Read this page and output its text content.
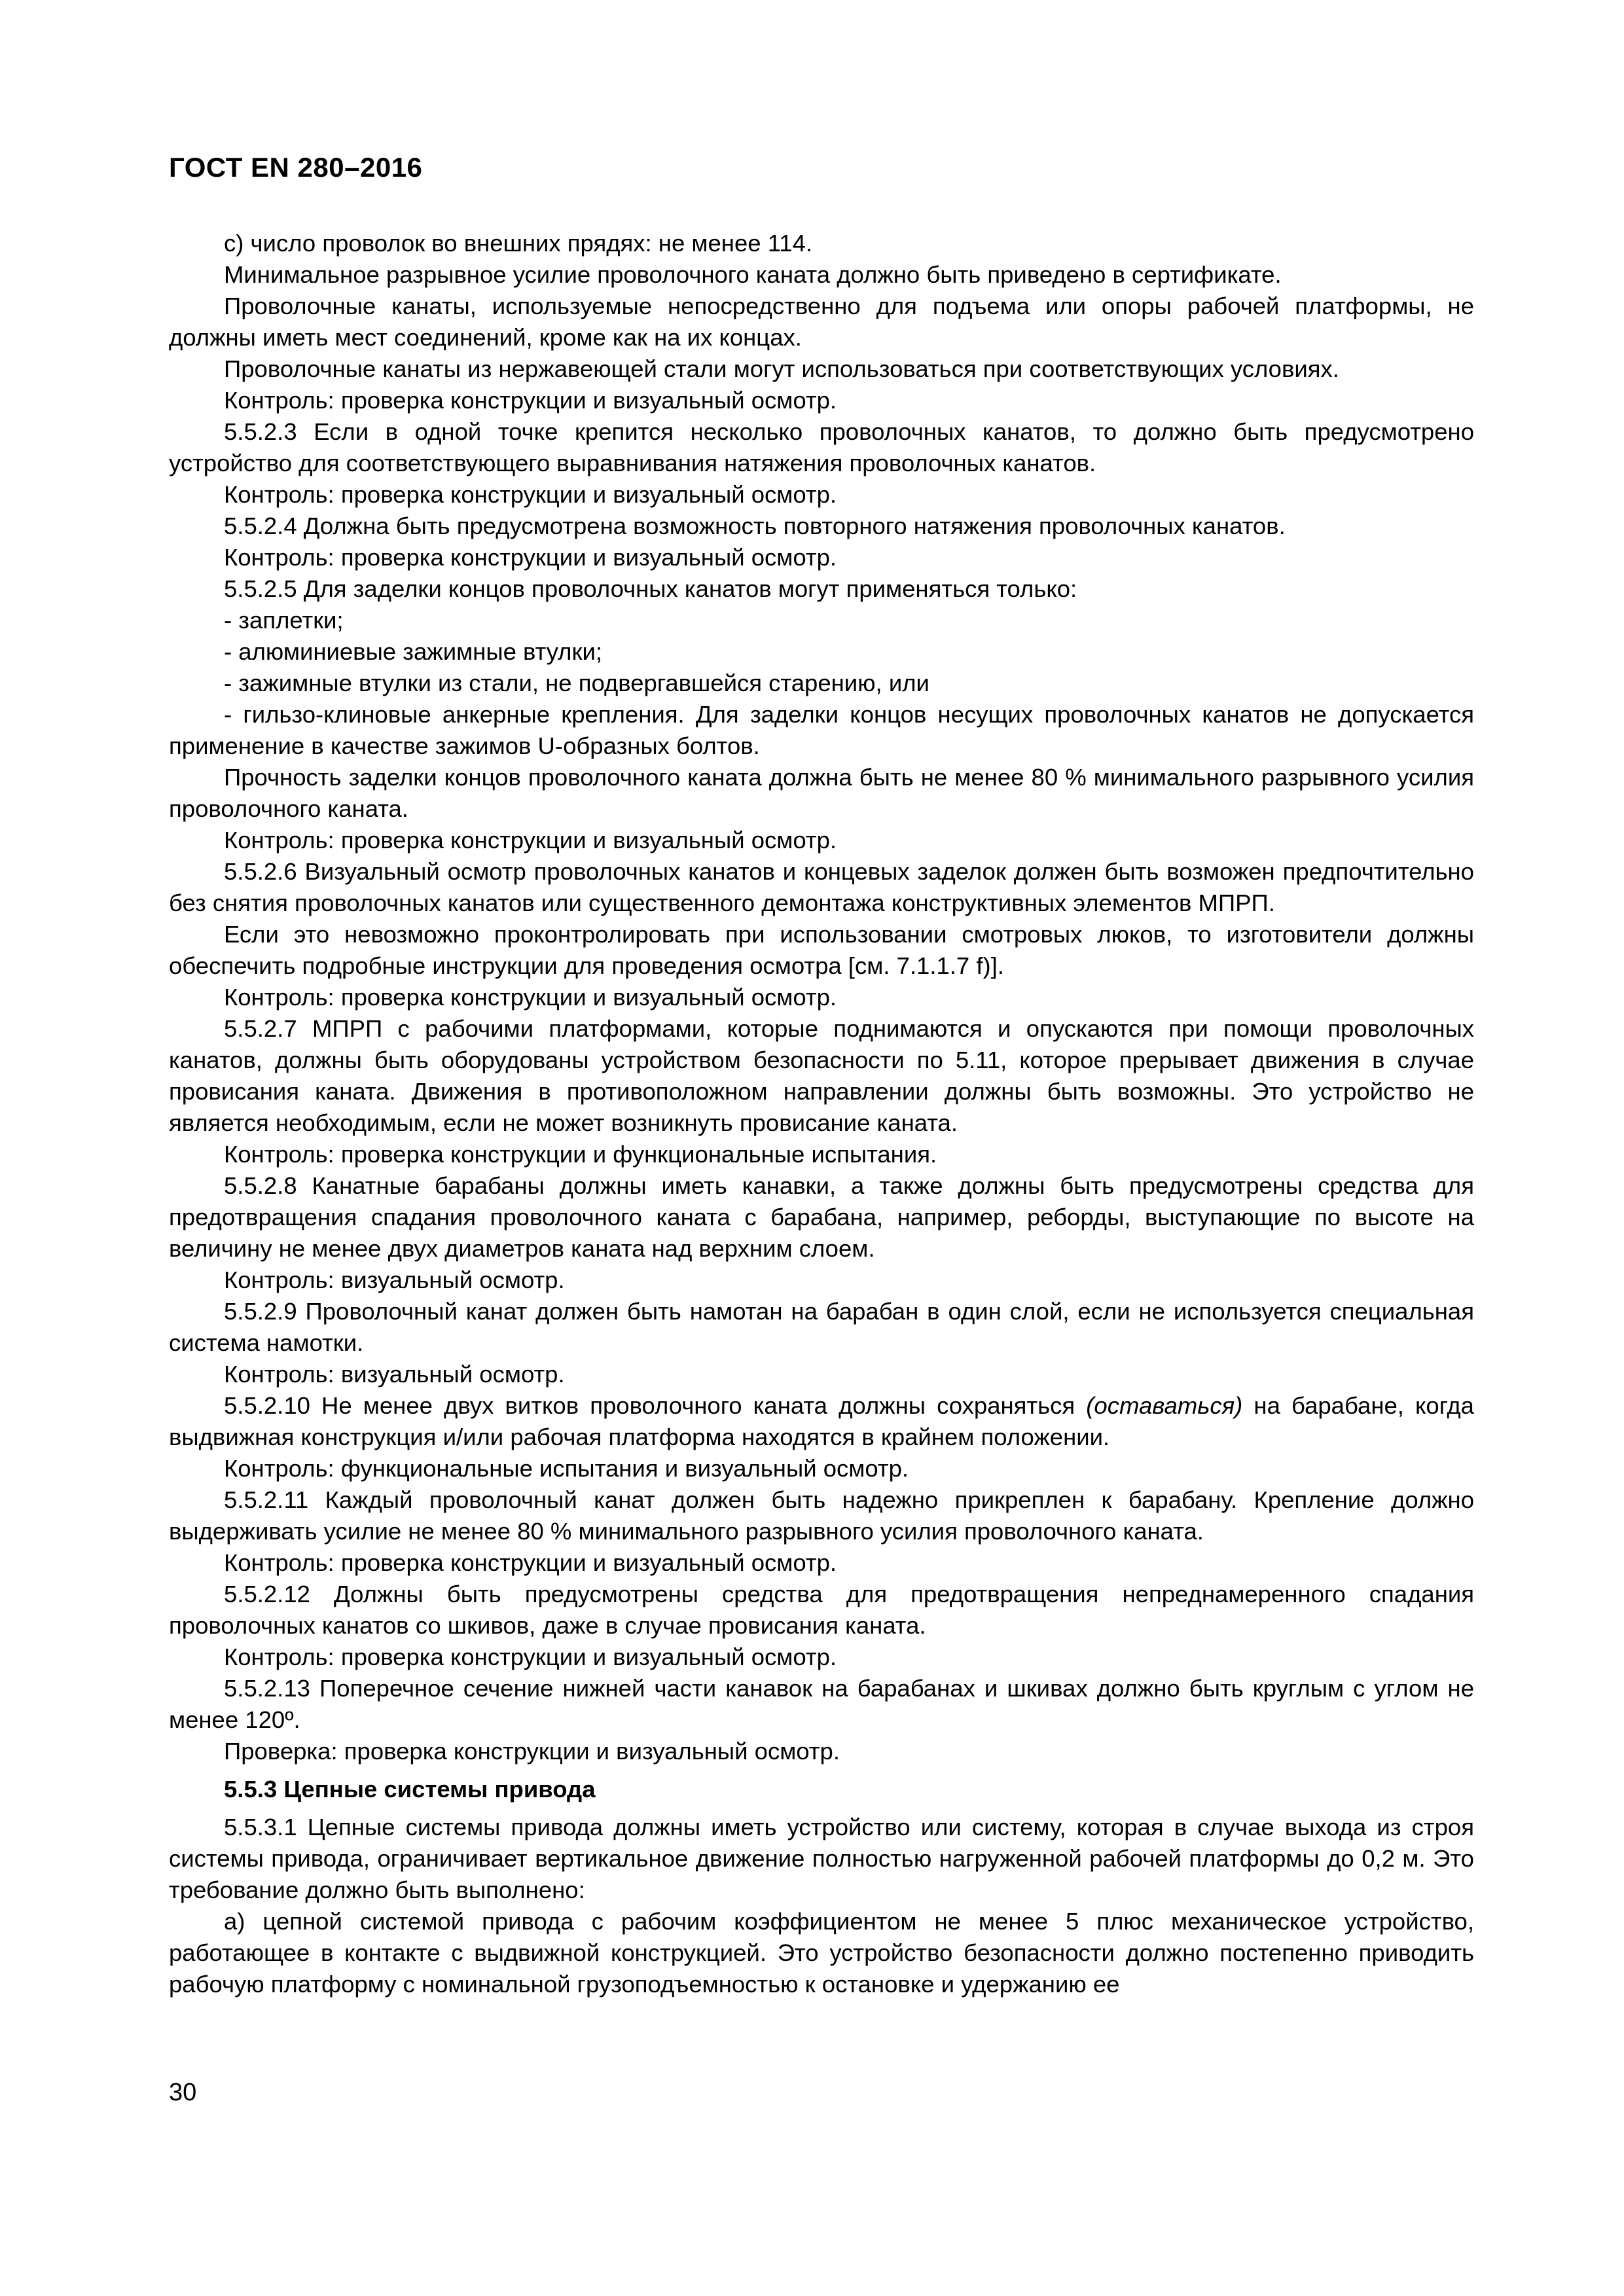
ГОСТ EN 280–2016

с) число проволок во внешних прядях: не менее 114.

Минимальное разрывное усилие проволочного каната должно быть приведено в сертификате.

Проволочные канаты, используемые непосредственно для подъема или опоры рабочей платформы, не должны иметь мест соединений, кроме как на их концах.

Проволочные канаты из нержавеющей стали могут использоваться при соответствующих условиях.

Контроль: проверка конструкции и визуальный осмотр.

5.5.2.3 Если в одной точке крепится несколько проволочных канатов, то должно быть предусмотрено устройство для соответствующего выравнивания натяжения проволочных канатов.

Контроль: проверка конструкции и визуальный осмотр.

5.5.2.4 Должна быть предусмотрена возможность повторного натяжения проволочных канатов.

Контроль: проверка конструкции и визуальный осмотр.

5.5.2.5 Для заделки концов проволочных канатов могут применяться только:

- заплетки;

- алюминиевые зажимные втулки;

- зажимные втулки из стали, не подвергавшейся старению, или

- гильзо-клиновые анкерные крепления. Для заделки концов несущих проволочных канатов не допускается применение в качестве зажимов U-образных болтов.

Прочность заделки концов проволочного каната должна быть не менее 80 % минимального разрывного усилия проволочного каната.

Контроль: проверка конструкции и визуальный осмотр.

5.5.2.6 Визуальный осмотр проволочных канатов и концевых заделок должен быть возможен предпочтительно без снятия проволочных канатов или существенного демонтажа конструктивных элементов МПРП.

Если это невозможно проконтролировать при использовании смотровых люков, то изготовители должны обеспечить подробные инструкции для проведения осмотра [см. 7.1.1.7 f)].

Контроль: проверка конструкции и визуальный осмотр.

5.5.2.7 МПРП с рабочими платформами, которые поднимаются и опускаются при помощи проволочных канатов, должны быть оборудованы устройством безопасности по 5.11, которое прерывает движения в случае провисания каната. Движения в противоположном направлении должны быть возможны. Это устройство не является необходимым, если не может возникнуть провисание каната.

Контроль: проверка конструкции и функциональные испытания.

5.5.2.8 Канатные барабаны должны иметь канавки, а также должны быть предусмотрены средства для предотвращения спадания проволочного каната с барабана, например, реборды, выступающие по высоте на величину не менее двух диаметров каната над верхним слоем.

Контроль: визуальный осмотр.

5.5.2.9 Проволочный канат должен быть намотан на барабан в один слой, если не используется специальная система намотки.

Контроль: визуальный осмотр.

5.5.2.10 Не менее двух витков проволочного каната должны сохраняться (оставаться) на барабане, когда выдвижная конструкция и/или рабочая платформа находятся в крайнем положении.

Контроль: функциональные испытания и визуальный осмотр.

5.5.2.11 Каждый проволочный канат должен быть надежно прикреплен к барабану. Крепление должно выдерживать усилие не менее 80 % минимального разрывного усилия проволочного каната.

Контроль: проверка конструкции и визуальный осмотр.

5.5.2.12 Должны быть предусмотрены средства для предотвращения непреднамеренного спадания проволочных канатов со шкивов, даже в случае провисания каната.

Контроль: проверка конструкции и визуальный осмотр.

5.5.2.13 Поперечное сечение нижней части канавок на барабанах и шкивах должно быть круглым с углом не менее 120º.

Проверка: проверка конструкции и визуальный осмотр.

5.5.3 Цепные системы привода

5.5.3.1 Цепные системы привода должны иметь устройство или систему, которая в случае выхода из строя системы привода, ограничивает вертикальное движение полностью нагруженной рабочей платформы до 0,2 м. Это требование должно быть выполнено:

а) цепной системой привода с рабочим коэффициентом не менее 5 плюс механическое устройство, работающее в контакте с выдвижной конструкцией. Это устройство безопасности должно постепенно приводить рабочую платформу с номинальной грузоподъемностью к остановке и удержанию ее

30
